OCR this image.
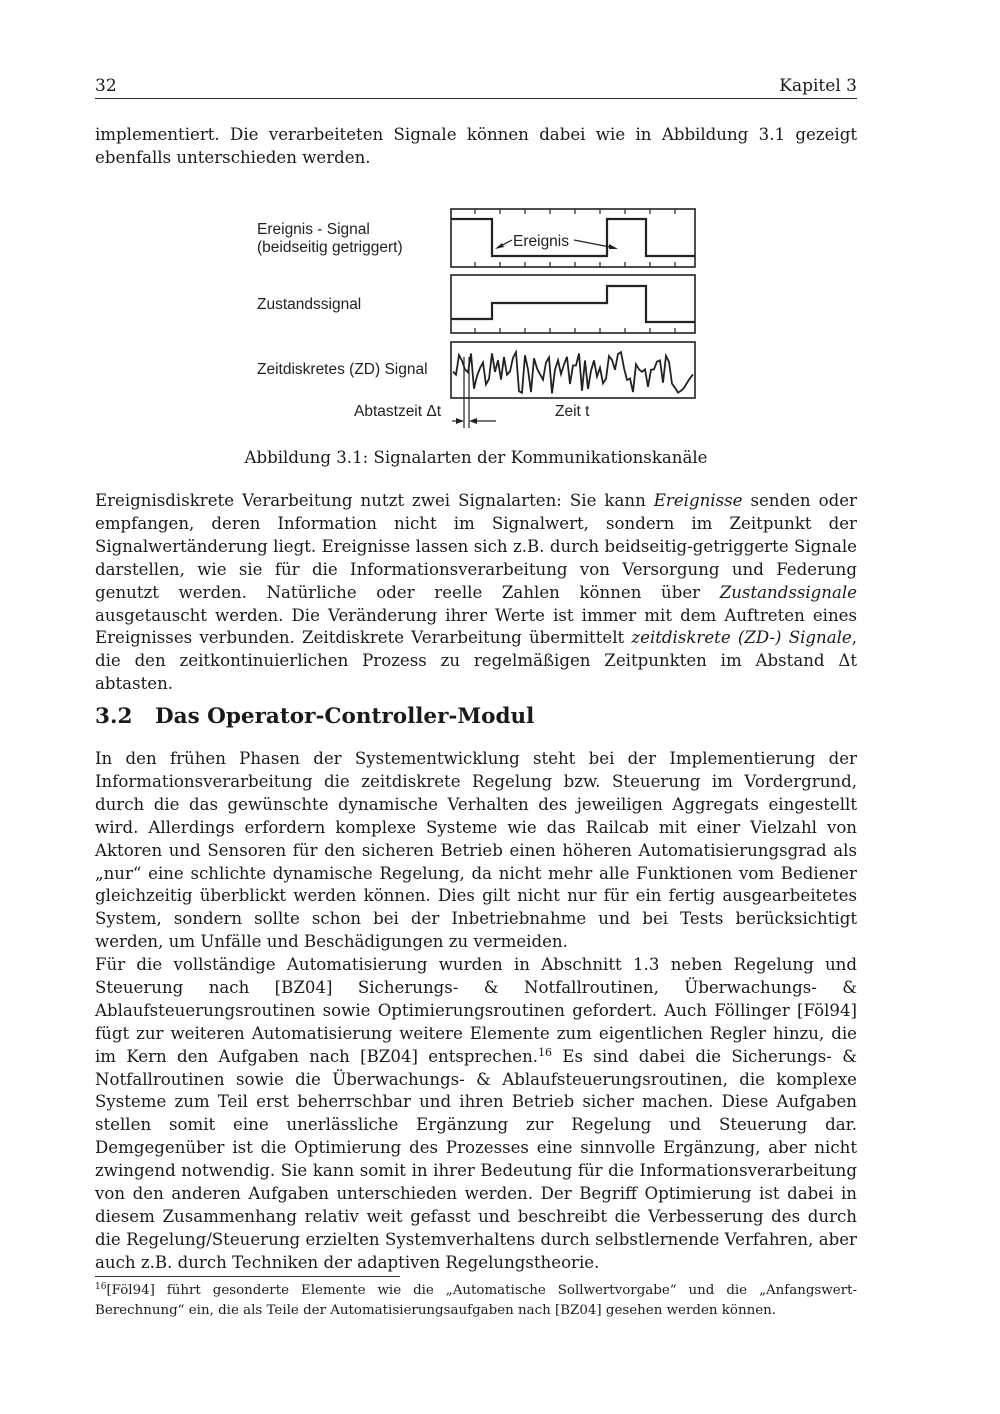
32	Kapitel 3

implementiert. Die verarbeiteten Signale können dabei wie in Abbildung 3.1 gezeigt ebenfalls unterschieden werden.

Ereignis - Signal
(beidseitig getriggert)
Zustandssignal
Zeitdiskretes (ZD) Signal
Abtastzeit Δt	Zeit t
Ereignis
Abbildung 3.1: Signalarten der Kommunikationskanäle

Ereignisdiskrete Verarbeitung nutzt zwei Signalarten: Sie kann Ereignisse senden oder empfangen, deren Information nicht im Signalwert, sondern im Zeitpunkt der Signalwertänderung liegt. Ereignisse lassen sich z.B. durch beidseitig-getriggerte Signale darstellen, wie sie für die Informationsverarbeitung von Versorgung und Federung genutzt werden. Natürliche oder reelle Zahlen können über Zustandssignale ausgetauscht werden. Die Veränderung ihrer Werte ist immer mit dem Auftreten eines Ereignisses verbunden. Zeitdiskrete Verarbeitung übermittelt zeitdiskrete (ZD-) Signale, die den zeitkontinuierlichen Prozess zu regelmäßigen Zeitpunkten im Abstand Δt abtasten.

3.2 Das Operator-Controller-Modul

In den frühen Phasen der Systementwicklung steht bei der Implementierung der Informationsverarbeitung die zeitdiskrete Regelung bzw. Steuerung im Vordergrund, durch die das gewünschte dynamische Verhalten des jeweiligen Aggregats eingestellt wird. Allerdings erfordern komplexe Systeme wie das Railcab mit einer Vielzahl von Aktoren und Sensoren für den sicheren Betrieb einen höheren Automatisierungsgrad als „nur“ eine schlichte dynamische Regelung, da nicht mehr alle Funktionen vom Bediener gleichzeitig überblickt werden können. Dies gilt nicht nur für ein fertig ausgearbeitetes System, sondern sollte schon bei der Inbetriebnahme und bei Tests berücksichtigt werden, um Unfälle und Beschädigungen zu vermeiden.

Für die vollständige Automatisierung wurden in Abschnitt 1.3 neben Regelung und Steuerung nach [BZ04] Sicherungs- & Notfallroutinen, Überwachungs- & Ablaufsteuerungsroutinen sowie Optimierungsroutinen gefordert. Auch Föllinger [Föl94] fügt zur weiteren Automatisierung weitere Elemente zum eigentlichen Regler hinzu, die im Kern den Aufgaben nach [BZ04] entsprechen.$^{16}$ Es sind dabei die Sicherungs- & Notfallroutinen sowie die Überwachungs- & Ablaufsteuerungsroutinen, die komplexe Systeme zum Teil erst beherrschbar und ihren Betrieb sicher machen. Diese Aufgaben stellen somit eine unerlässliche Ergänzung zur Regelung und Steuerung dar. Demgegenüber ist die Optimierung des Prozesses eine sinnvolle Ergänzung, aber nicht zwingend notwendig. Sie kann somit in ihrer Bedeutung für die Informationsverarbeitung von den anderen Aufgaben unterschieden werden. Der Begriff Optimierung ist dabei in diesem Zusammenhang relativ weit gefasst und beschreibt die Verbesserung des durch die Regelung/Steuerung erzielten Systemverhaltens durch selbstlernende Verfahren, aber auch z.B. durch Techniken der adaptiven Regelungstheorie.

$^{16}$[Föl94] führt gesonderte Elemente wie die „Automatische Sollwertvorgabe“ und die „Anfangswert-Berechnung“ ein, die als Teile der Automatisierungsaufgaben nach [BZ04] gesehen werden können.
